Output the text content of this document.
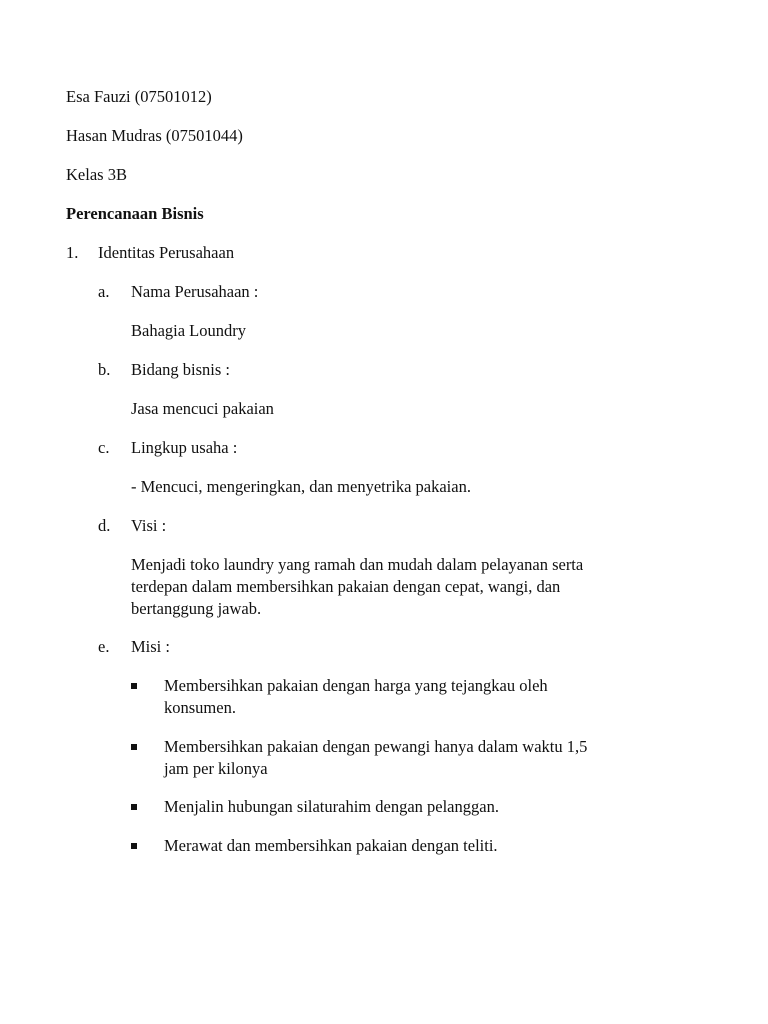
Esa Fauzi (07501012)
Hasan Mudras (07501044)
Kelas 3B
Perencanaan Bisnis
1. Identitas Perusahaan
a. Nama Perusahaan :
Bahagia Loundry
b. Bidang bisnis :
Jasa mencuci pakaian
c. Lingkup usaha :
- Mencuci, mengeringkan, dan menyetrika pakaian.
d. Visi :
Menjadi toko laundry yang ramah dan mudah dalam pelayanan serta
terdepan dalam membersihkan pakaian dengan cepat, wangi, dan
bertanggung jawab.
e. Misi :
Membersihkan pakaian dengan harga yang tejangkau oleh
konsumen.
Membersihkan pakaian dengan pewangi hanya dalam waktu 1,5
jam per kilonya
Menjalin hubungan silaturahim dengan pelanggan.
Merawat dan membersihkan pakaian dengan teliti.
